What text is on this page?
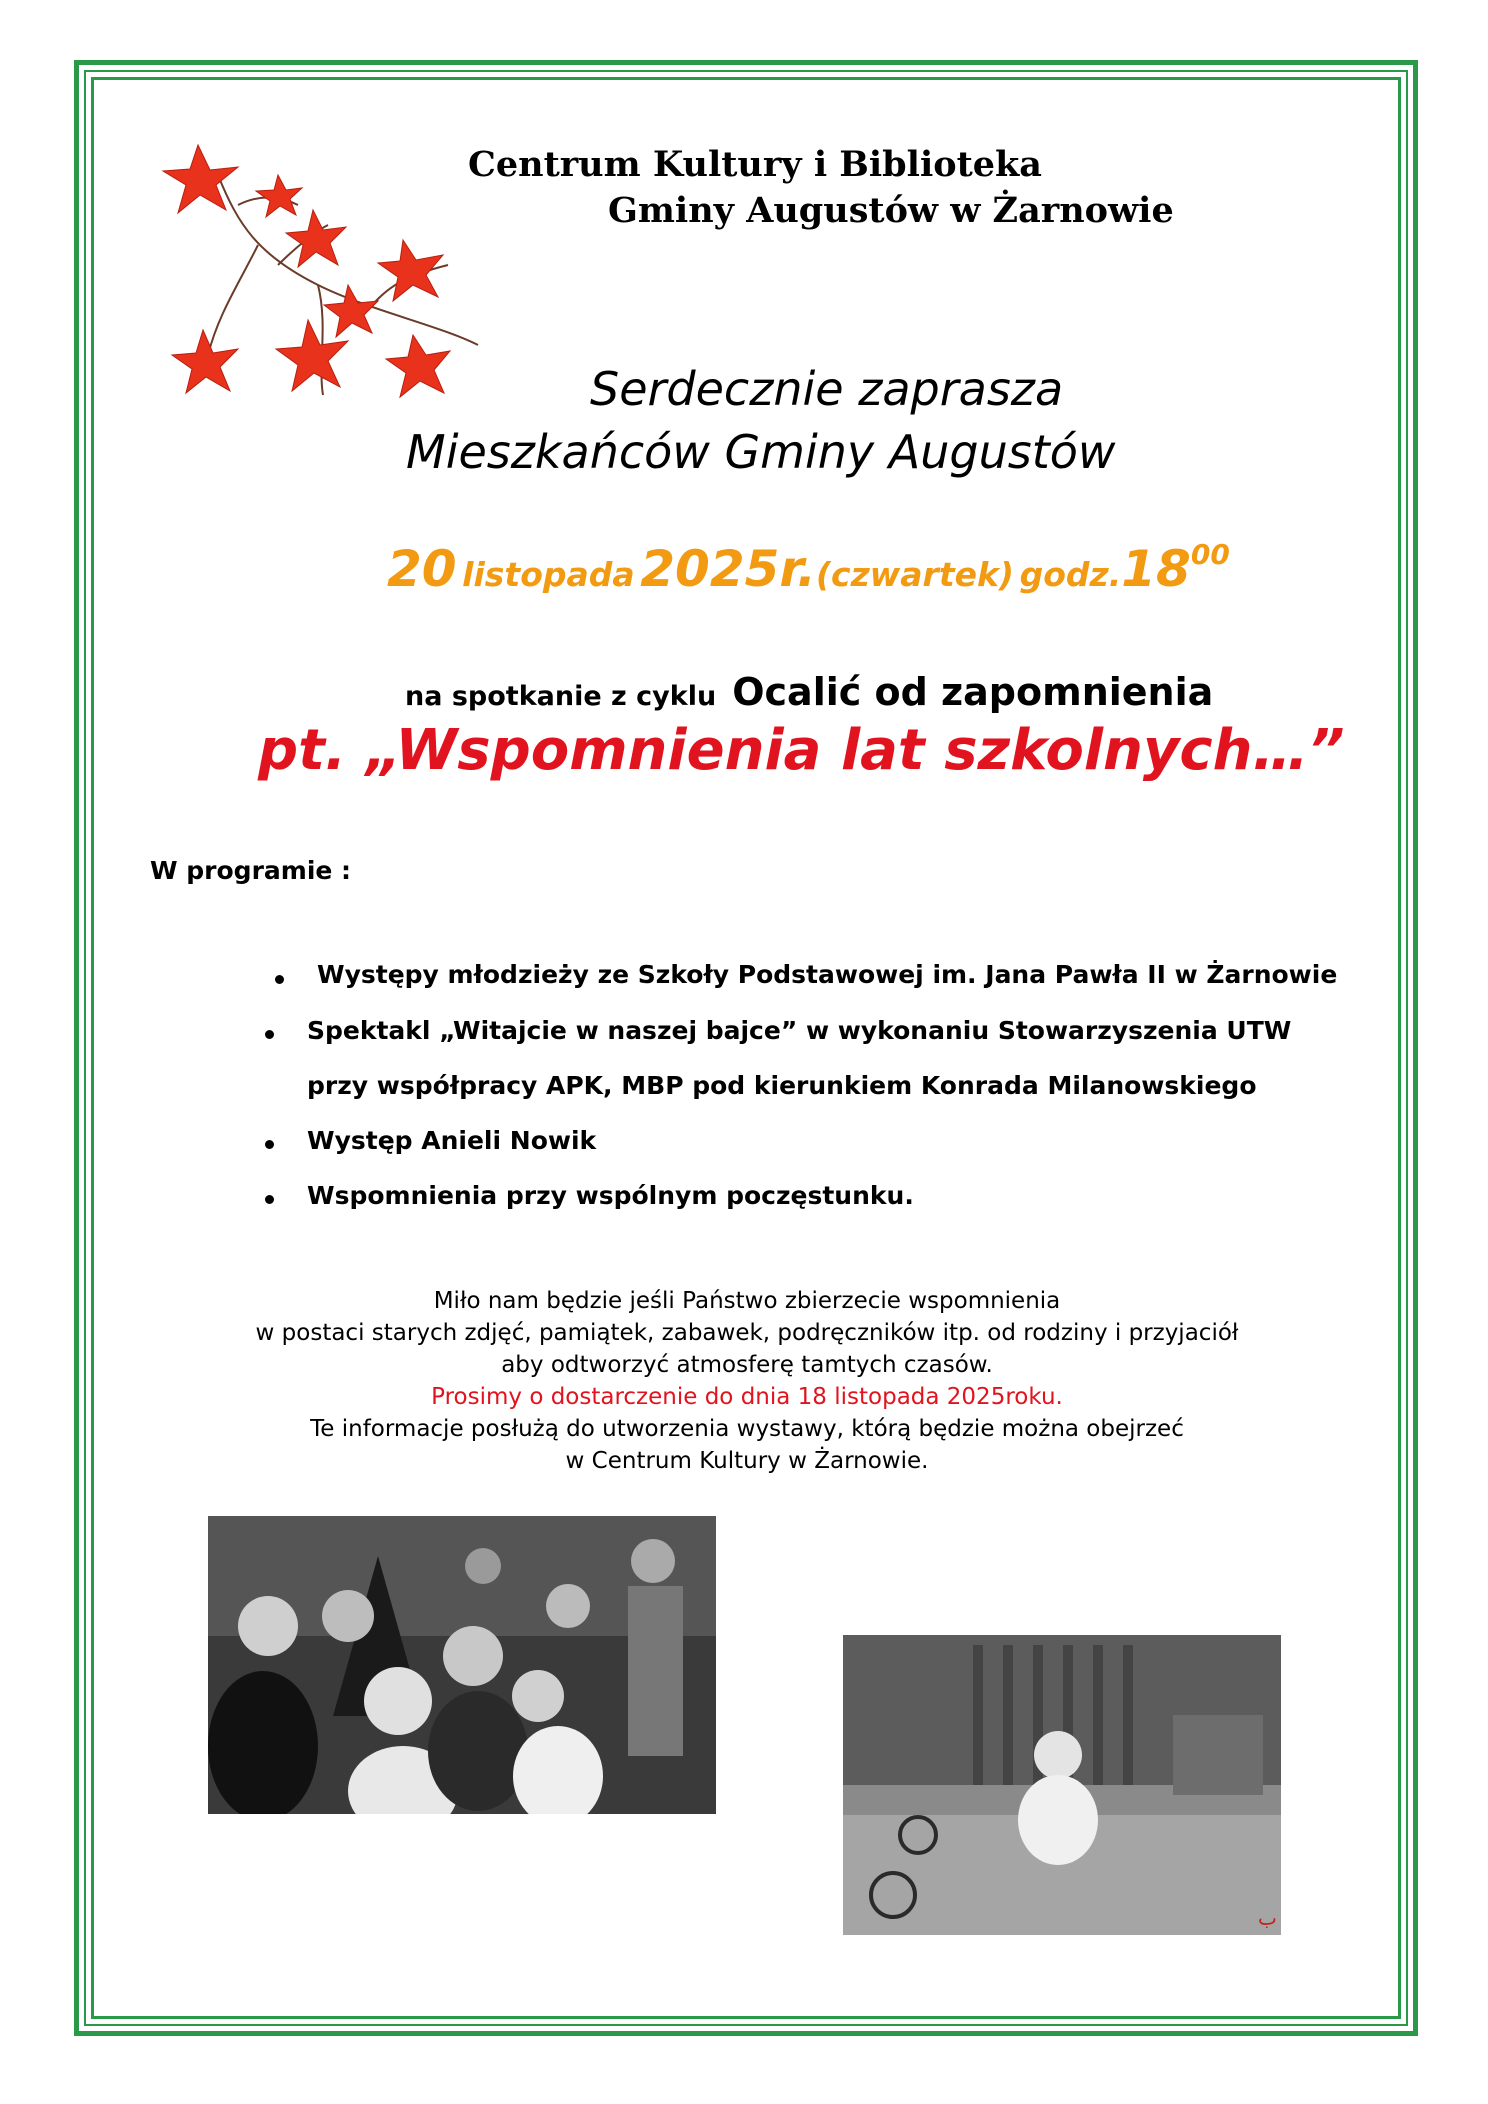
Centrum Kultury i Biblioteka
Gminy Augustów w Żarnowie
Serdecznie zaprasza
Mieszkańców Gminy Augustów
20 listopada 2025r.(czwartek) $godz.18^{00}$
na spotkanie z cyklu Ocalić od zapomnienia
pt. „Wspomnienia lat szkolnych…”
W programie :
Występy młodzieży ze Szkoły Podstawowej im. Jana Pawła II w Żarnowie
Spektakl „Witajcie w naszej bajce” w wykonaniu Stowarzyszenia UTW
przy współpracy APK, MBP pod kierunkiem Konrada Milanowskiego
Występ Anieli Nowik
Wspomnienia przy wspólnym poczęstunku.
Miło nam będzie jeśli Państwo zbierzecie wspomnienia
w postaci starych zdjęć, pamiątek, zabawek, podręczników itp. od rodziny i przyjaciół
aby odtworzyć atmosferę tamtych czasów.
Prosimy o dostarczenie do dnia 18 listopada 2025roku.
Te informacje posłużą do utworzenia wystawy, którą będzie można obejrzeć
w Centrum Kultury w Żarnowie.
ب
